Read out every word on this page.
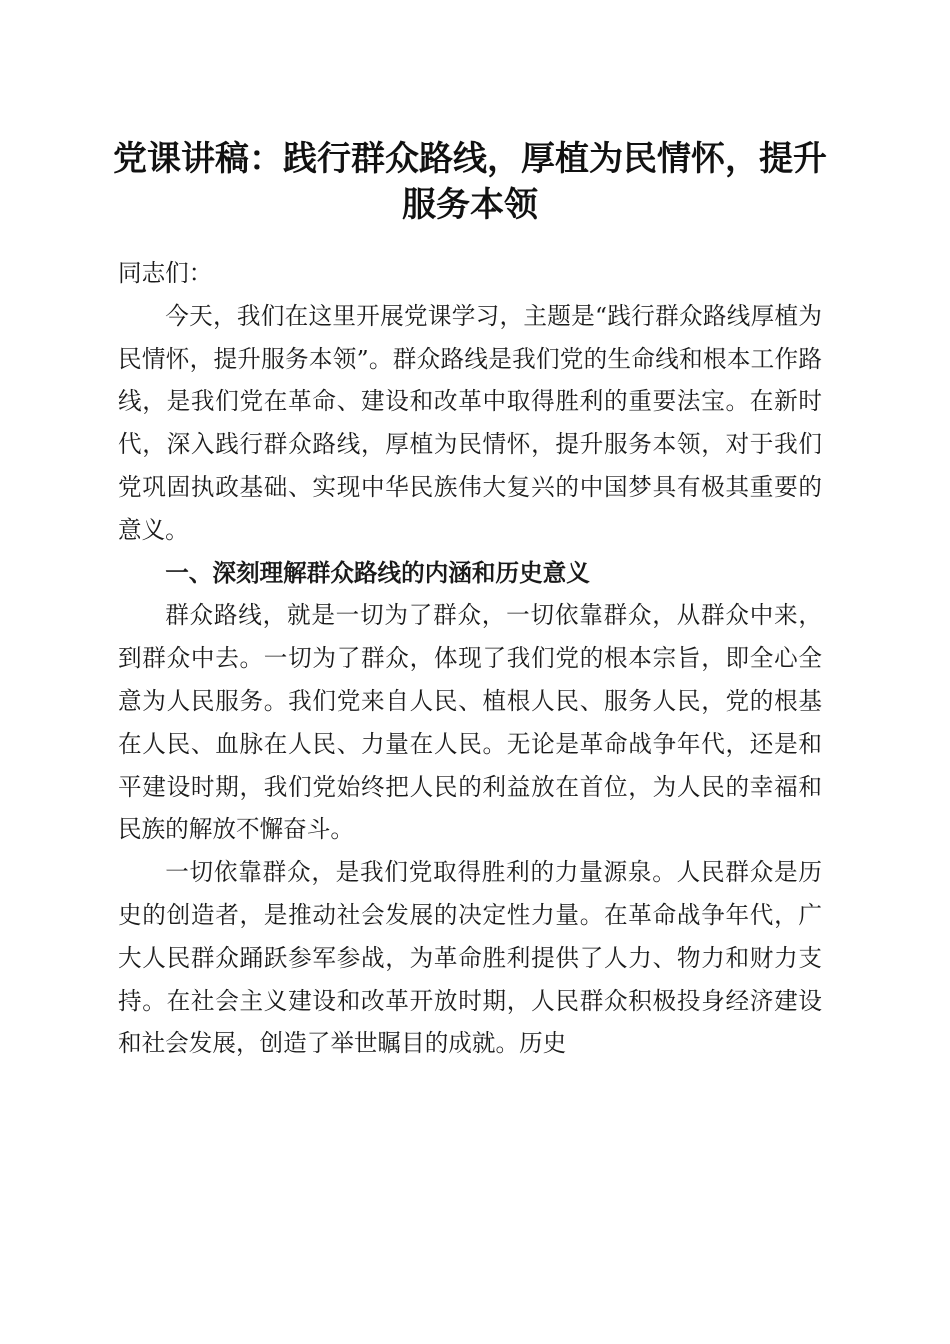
党课讲稿：践行群众路线，厚植为民情怀，提升服务本领

同志们：

今天，我们在这里开展党课学习，主题是“践行群众路线厚植为民情怀，提升服务本领”。群众路线是我们党的生命线和根本工作路线，是我们党在革命、建设和改革中取得胜利的重要法宝。在新时代，深入践行群众路线，厚植为民情怀，提升服务本领，对于我们党巩固执政基础、实现中华民族伟大复兴的中国梦具有极其重要的意义。

一、深刻理解群众路线的内涵和历史意义

群众路线，就是一切为了群众，一切依靠群众，从群众中来，到群众中去。一切为了群众，体现了我们党的根本宗旨，即全心全意为人民服务。我们党来自人民、植根人民、服务人民，党的根基在人民、血脉在人民、力量在人民。无论是革命战争年代，还是和平建设时期，我们党始终把人民的利益放在首位，为人民的幸福和民族的解放不懈奋斗。

一切依靠群众，是我们党取得胜利的力量源泉。人民群众是历史的创造者，是推动社会发展的决定性力量。在革命战争年代，广大人民群众踊跃参军参战，为革命胜利提供了人力、物力和财力支持。在社会主义建设和改革开放时期，人民群众积极投身经济建设和社会发展，创造了举世瞩目的成就。历史
